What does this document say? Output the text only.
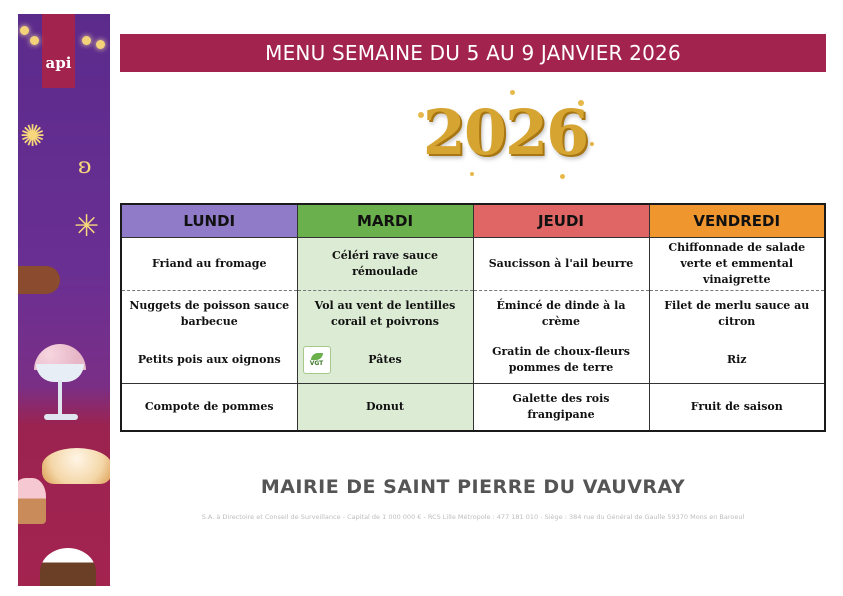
api
✺
ʚ
✳
MENU SEMAINE DU 5 AU 9 JANVIER 2026
2026
LUNDI	MARDI	JEUDI	VENDREDI
Friand au fromage	Céléri rave sauce rémoulade	Saucisson à l'ail beurre	Chiffonnade de salade verte et emmental vinaigrette
Nuggets de poisson sauce barbecue	Vol au vent de lentilles corail et poivrons	Émincé de dinde à la crème	Filet de merlu sauce au citron
Petits pois aux oignons	VGT Pâtes	Gratin de choux-fleurs pommes de terre	Riz
Compote de pommes	Donut	Galette des rois frangipane	Fruit de saison
MAIRIE DE SAINT PIERRE DU VAUVRAY
S.A. à Directoire et Conseil de Surveillance - Capital de 1 000 000 € - RCS Lille Métropole : 477 181 010 - Siège : 384 rue du Général de Gaulle 59370 Mons en Baroeul
